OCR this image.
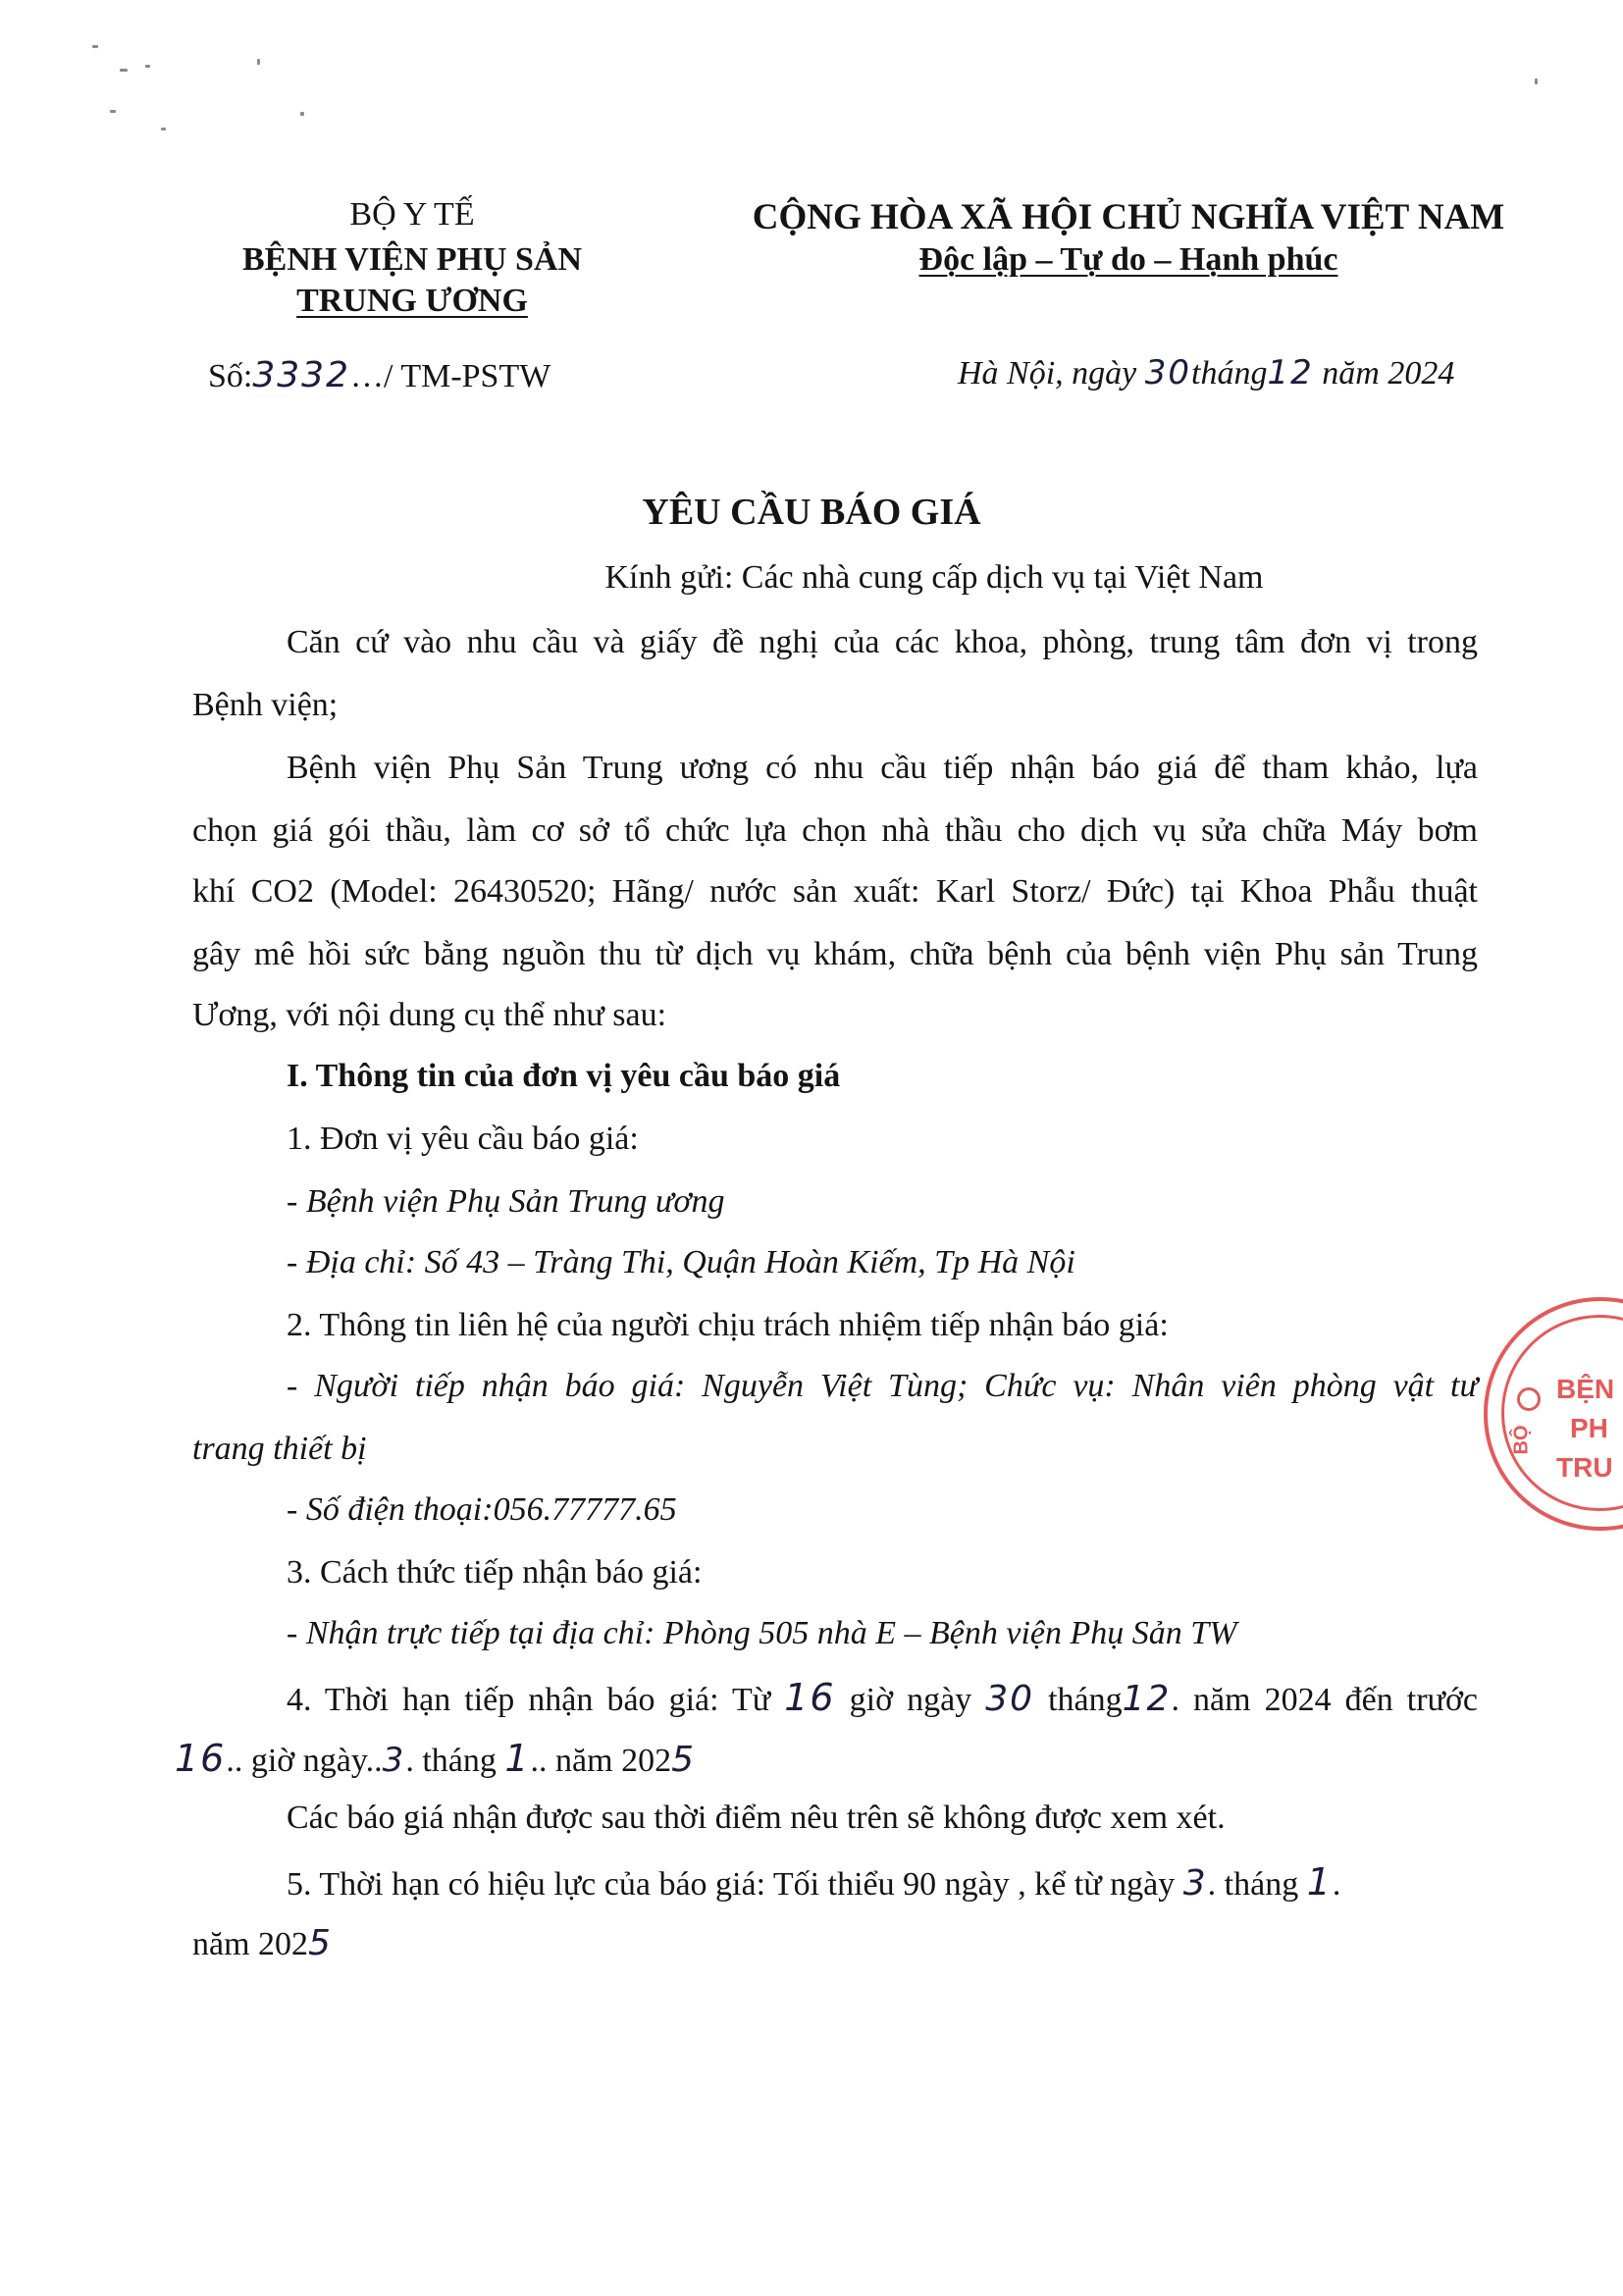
BỘ Y TẾ
BỆNH VIỆN PHỤ SẢN
TRUNG ƯƠNG
CỘNG HÒA XÃ HỘI CHỦ NGHĨA VIỆT NAM
Độc lập – Tự do – Hạnh phúc
Số:3332…/ TM-PSTW	Hà Nội, ngày 30tháng12 năm 2024
YÊU CẦU BÁO GIÁ
Kính gửi: Các nhà cung cấp dịch vụ tại Việt Nam
Căn cứ vào nhu cầu và giấy đề nghị của các khoa, phòng, trung tâm đơn vị trong
Bệnh viện;
Bệnh viện Phụ Sản Trung ương có nhu cầu tiếp nhận báo giá để tham khảo, lựa
chọn giá gói thầu, làm cơ sở tổ chức lựa chọn nhà thầu cho dịch vụ sửa chữa Máy bơm
khí CO2 (Model: 26430520; Hãng/ nước sản xuất: Karl Storz/ Đức) tại Khoa Phẫu thuật
gây mê hồi sức bằng nguồn thu từ dịch vụ khám, chữa bệnh của bệnh viện Phụ sản Trung
Ương, với nội dung cụ thể như sau:
I. Thông tin của đơn vị yêu cầu báo giá
1. Đơn vị yêu cầu báo giá:
- Bệnh viện Phụ Sản Trung ương
- Địa chỉ: Số 43 – Tràng Thi, Quận Hoàn Kiếm, Tp Hà Nội
2. Thông tin liên hệ của người chịu trách nhiệm tiếp nhận báo giá:
- Người tiếp nhận báo giá: Nguyễn Việt Tùng; Chức vụ: Nhân viên phòng vật tư
trang thiết bị
- Số điện thoại:056.77777.65
3. Cách thức tiếp nhận báo giá:
- Nhận trực tiếp tại địa chỉ: Phòng 505 nhà E – Bệnh viện Phụ Sản TW
4. Thời hạn tiếp nhận báo giá: Từ 16 giờ ngày 30 tháng12. năm 2024 đến trước
16.. giờ ngày..3. tháng 1.. năm 2025
Các báo giá nhận được sau thời điểm nêu trên sẽ không được xem xét.
5. Thời hạn có hiệu lực của báo giá: Tối thiểu 90 ngày , kể từ ngày 3. tháng 1.
năm 2025
BỆN
PH
TRU
BỘ
